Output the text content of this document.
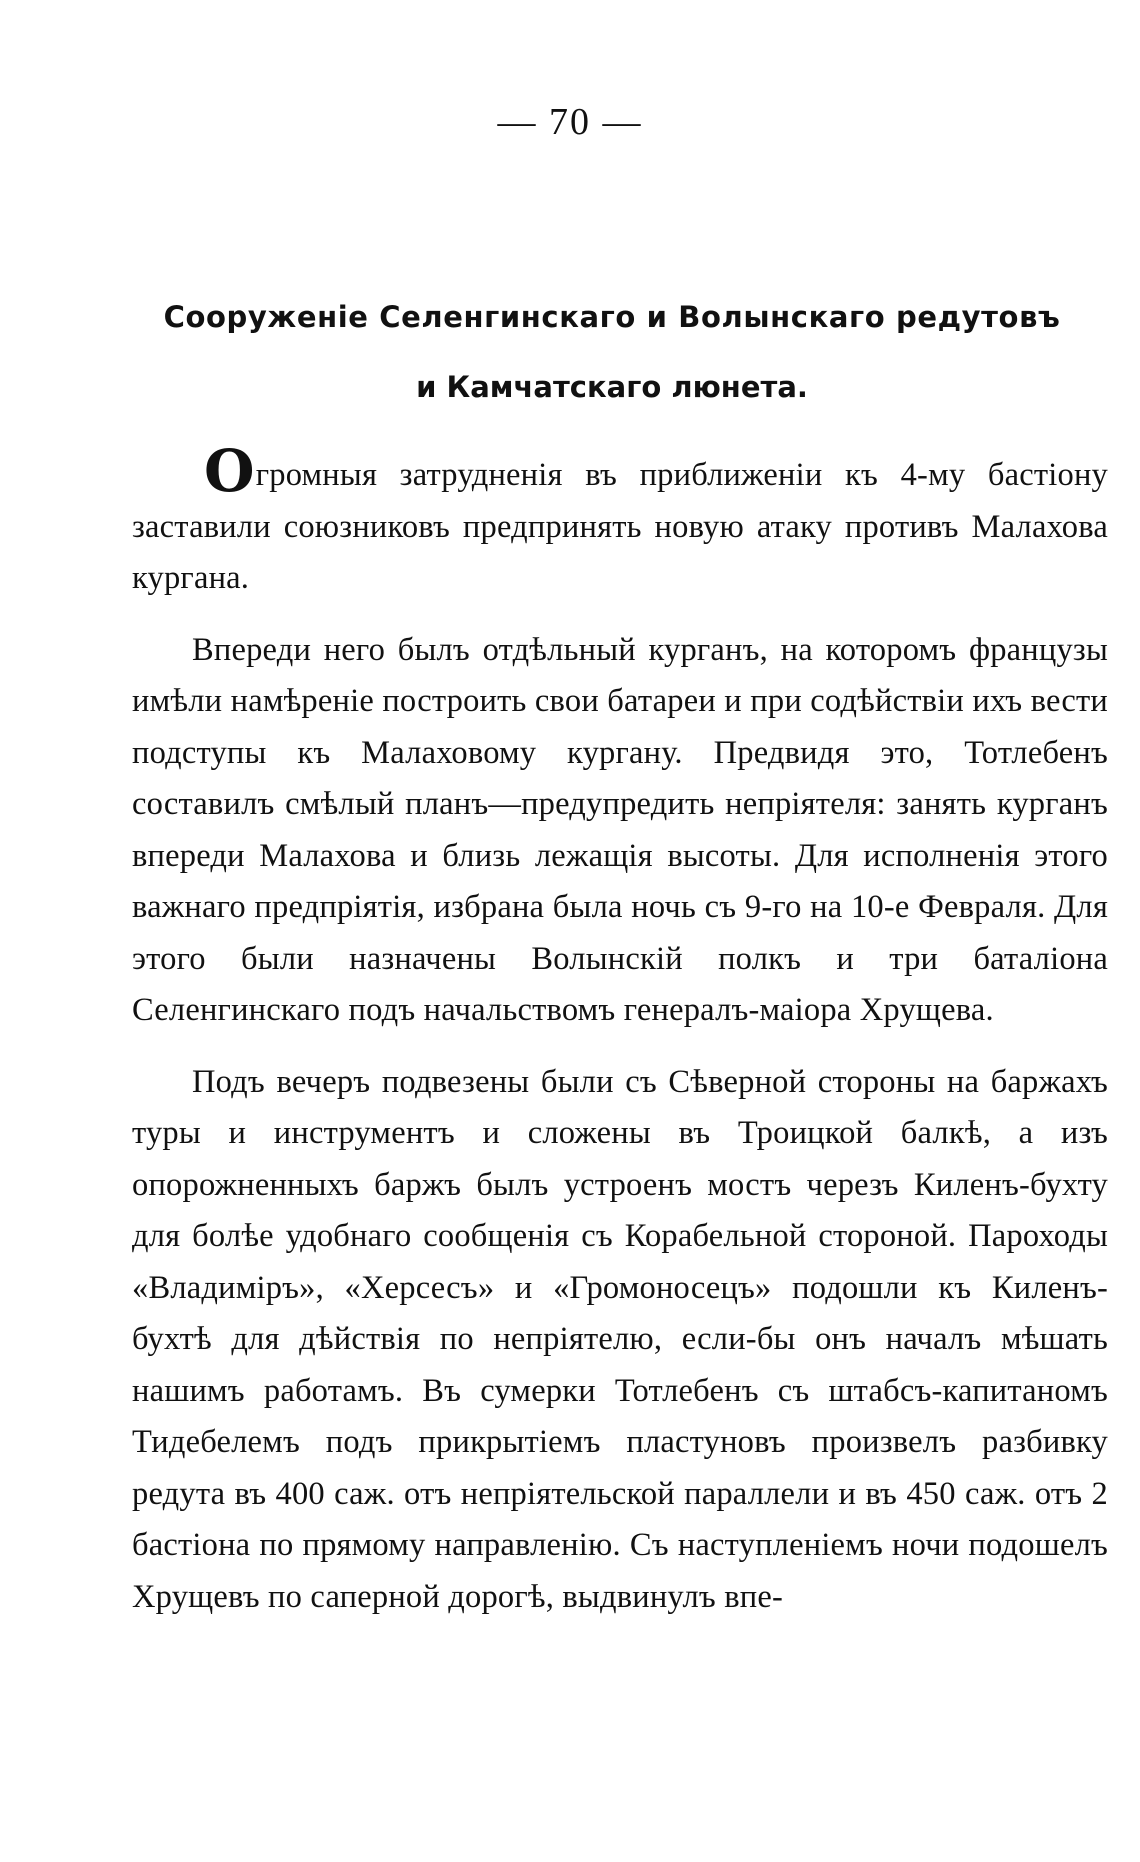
— 70 —
Сооруженіе Селенгинскаго и Волынскаго редутовъ
и Камчатскаго люнета.

Огромныя затрудненія въ приближеніи къ 4-му бастіону заставили союзниковъ предпринять новую атаку противъ Малахова кургана.

Впереди него былъ отдѣльный курганъ, на которомъ французы имѣли намѣреніе построить свои батареи и при содѣйствіи ихъ вести подступы къ Малаховому кургану. Предвидя это, Тотлебенъ составилъ смѣлый планъ—предупредить непріятеля: занять курганъ впереди Малахова и близь лежащія высоты. Для исполненія этого важнаго предпріятія, избрана была ночь съ 9-го на 10-е Февраля. Для этого были назначены Волынскій полкъ и три баталіона Селенгинскаго подъ начальствомъ генералъ-маіора Хрущева.

Подъ вечеръ подвезены были съ Сѣверной стороны на баржахъ туры и инструментъ и сложены въ Троицкой балкѣ, а изъ опорожненныхъ баржъ былъ устроенъ мостъ черезъ Киленъ-бухту для болѣе удобнаго сообщенія съ Корабельной стороной. Пароходы «Владиміръ», «Херсесъ» и «Громоносецъ» подошли къ Киленъ-бухтѣ для дѣйствія по непріятелю, если-бы онъ началъ мѣшать нашимъ работамъ. Въ сумерки Тотлебенъ съ штабсъ-капитаномъ Тидебелемъ подъ прикрытіемъ пластуновъ произвелъ разбивку редута въ 400 саж. отъ непріятельской параллели и въ 450 саж. отъ 2 бастіона по прямому направленію. Съ наступленіемъ ночи подошелъ Хрущевъ по саперной дорогѣ, выдвинулъ впе-
